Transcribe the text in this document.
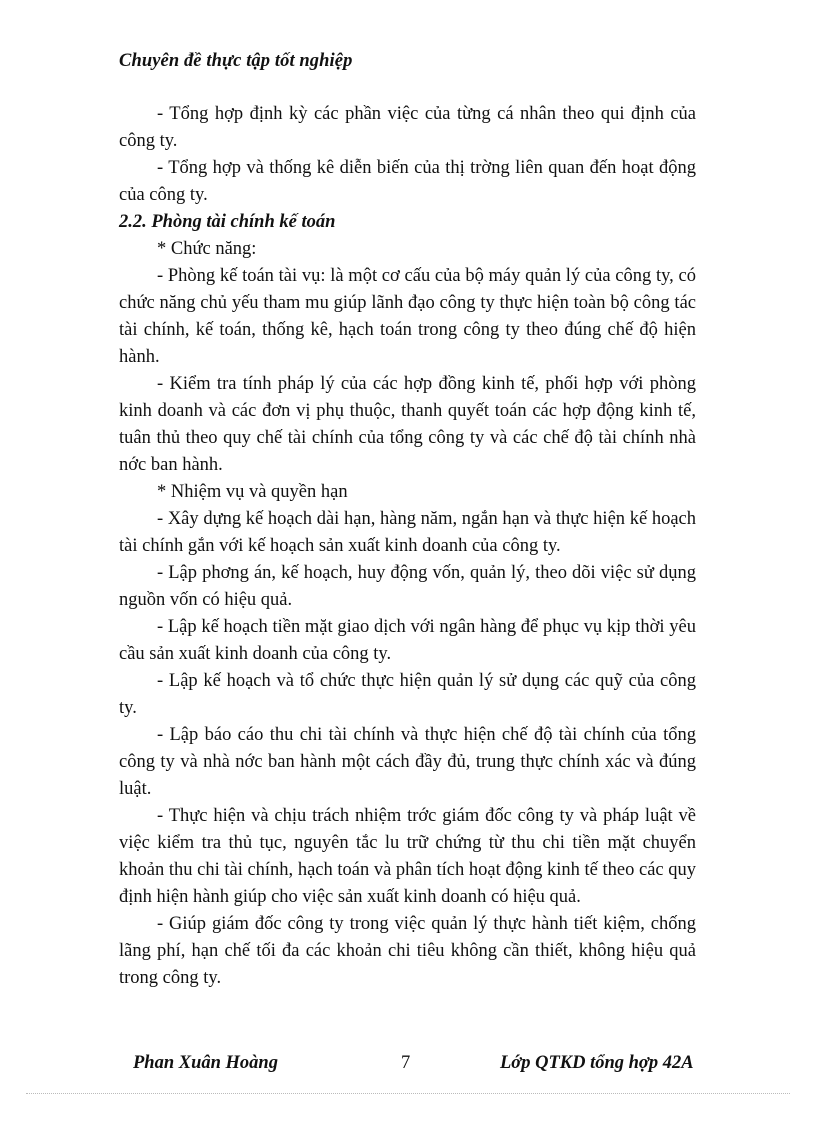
Chuyên đề thực tập tốt nghiệp

- Tổng hợp định kỳ các phần việc của từng cá nhân theo qui định của công ty.

- Tổng hợp và thống kê diễn biến của thị trờng liên quan đến hoạt động của công ty.

2.2. Phòng tài chính kế toán

* Chức năng:

- Phòng kế toán tài vụ: là một cơ cấu của bộ máy quản lý của công ty, có chức năng chủ yếu tham mu giúp lãnh đạo công ty thực hiện toàn bộ công tác tài chính, kế toán, thống kê, hạch toán trong công ty theo đúng chế độ hiện hành.

- Kiểm tra tính pháp lý của các hợp đồng kinh tế, phối hợp với phòng kinh doanh và các đơn vị phụ thuộc, thanh quyết toán các hợp động kinh tế, tuân thủ theo quy chế tài chính của tổng công ty và các chế độ tài chính nhà nớc ban hành.

* Nhiệm vụ và quyền hạn

- Xây dựng kế hoạch dài hạn, hàng năm, ngắn hạn và thực hiện kế hoạch tài chính gắn với kế hoạch sản xuất kinh doanh của công ty.

- Lập phơng án, kế hoạch, huy động vốn, quản lý, theo dõi việc sử dụng nguồn vốn có hiệu quả.

- Lập kế hoạch tiền mặt giao dịch với ngân hàng để phục vụ kịp thời yêu cầu sản xuất kinh doanh của công ty.

- Lập kế hoạch và tổ chức thực hiện quản lý sử dụng các quỹ của công ty.

- Lập báo cáo thu chi tài chính và thực hiện chế độ tài chính của tổng công ty và nhà nớc ban hành một cách đầy đủ, trung thực chính xác và đúng luật.

- Thực hiện và chịu trách nhiệm trớc giám đốc công ty và pháp luật về việc kiểm tra thủ tục, nguyên tắc lu trữ chứng từ thu chi tiền mặt chuyển khoản thu chi tài chính, hạch toán và phân tích hoạt động kinh tế theo các quy định hiện hành giúp cho việc sản xuất kinh doanh có hiệu quả.

- Giúp giám đốc công ty trong việc quản lý thực hành tiết kiệm, chống lãng phí, hạn chế tối đa các khoản chi tiêu không cần thiết, không hiệu quả trong công ty.

Phan Xuân Hoàng	7	Lớp QTKD tổng hợp 42A
